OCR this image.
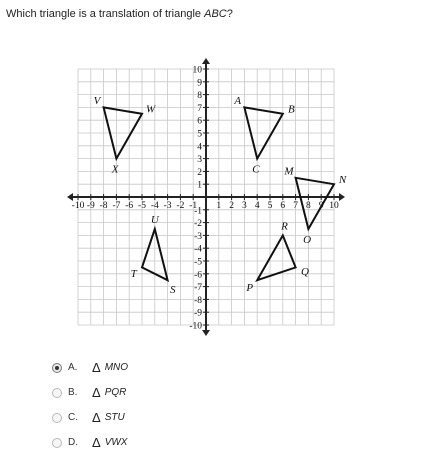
Which triangle is a translation of triangle ABC?
-10 -9 -8 -7 -6 -5 -4 -3 -2 -1 1 2 3 4 5 6 7 8 9 10
10
9
8
7
6
5
4
3
2
1
-1
-2
-3
-4
-5
-6
-7
-8
-9
-10
A
B
C M
N
O
P
Q
R
S
T
U
V
W
X
A.	Δ MNO
B.	Δ PQR
C.	Δ STU
D.	Δ VWX
